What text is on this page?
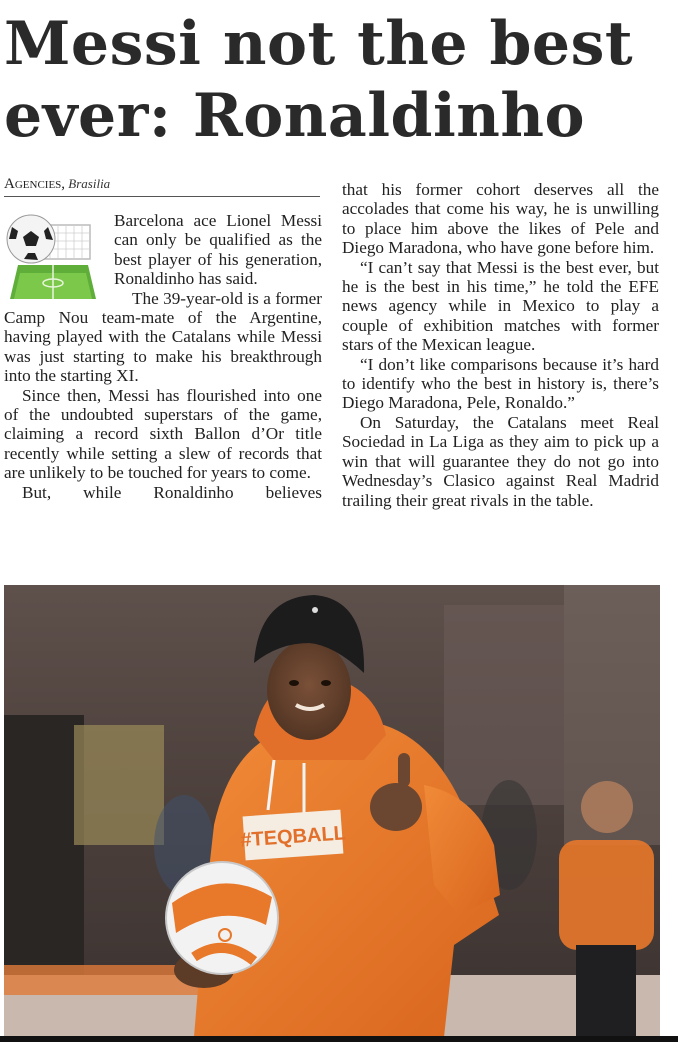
Messi not the best ever: Ronaldinho
Agencies, Brasilia

Barcelona ace Lionel Messi can only be qualified as the best player of his generation, Ronaldinho has said.

The 39-year-old is a former Camp Nou team-mate of the Argentine, having played with the Catalans while Messi was just starting to make his breakthrough into the starting XI.

Since then, Messi has flourished into one of the undoubted superstars of the game, claiming a record sixth Ballon d’Or title recently while setting a slew of records that are unlikely to be touched for years to come.

But, while Ronaldinho believes

that his former cohort deserves all the accolades that come his way, he is unwilling to place him above the likes of Pele and Diego Maradona, who have gone before him.

“I can’t say that Messi is the best ever, but he is the best in his time,” he told the EFE news agency while in Mexico to play a couple of exhibition matches with former stars of the Mexican league.

“I don’t like comparisons because it’s hard to identify who the best in history is, there’s Diego Maradona, Pele, Ronaldo.”

On Saturday, the Catalans meet Real Sociedad in La Liga as they aim to pick up a win that will guarantee they do not go into Wednesday’s Clasico against Real Madrid trailing their great rivals in the table.

#TEQBALL
